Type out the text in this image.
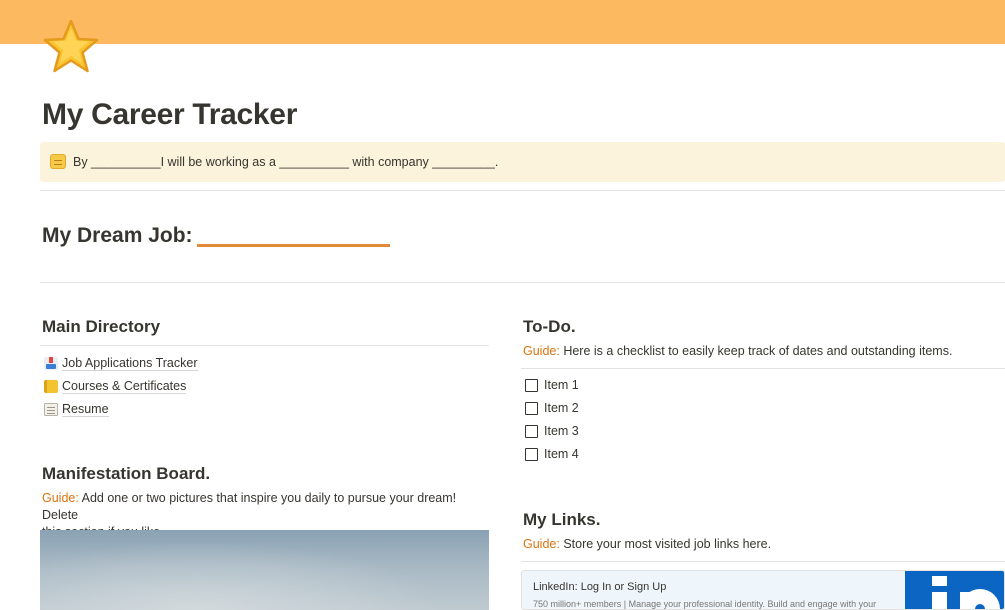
My Career Tracker
By __________I will be working as a __________ with company _________.
My Dream Job:
Main Directory
Job Applications Tracker
Courses & Certificates
Resume
Manifestation Board.
Guide: Add one or two pictures that inspire you daily to pursue your dream! Delete

To-Do.
Guide: Here is a checklist to easily keep track of dates and outstanding items.
Item 1
Item 2
Item 3
Item 4
My Links.
Guide: Store your most visited job links here.
LinkedIn: Log In or Sign Up
750 million+ members | Manage your professional identity. Build and engage with your
